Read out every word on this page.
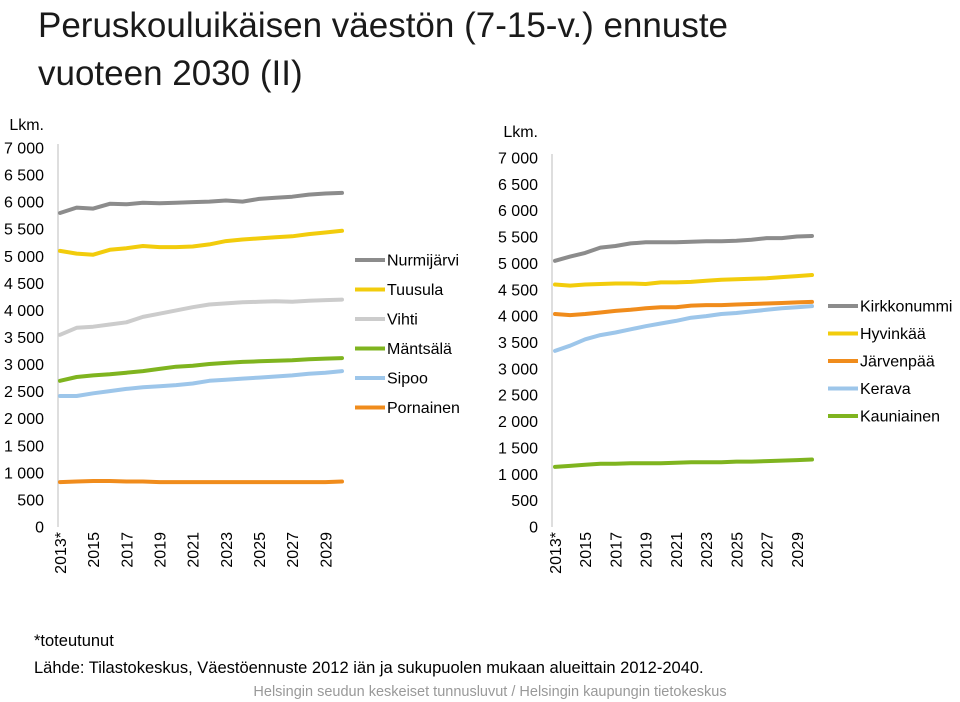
Peruskouluikäisen väestön (7-15-v.) ennuste vuoteen 2030 (II)
Lkm.
0
500
1 000
1 500
2 000
2 500
3 000
3 500
4 000
4 500
5 000
5 500
6 000
6 500
7 000
2013* 2015 2017 2019 2021 2023 2025 2027 2029
Nurmijärvi
Tuusula
Vihti
Mäntsälä
Sipoo
Pornainen
Lkm.
0
500
1 000
1 500
2 000
2 500
3 000
3 500
4 000
4 500
5 000
5 500
6 000
6 500
7 000
2013* 2015 2017 2019 2021 2023 2025 2027 2029
Kirkkonummi
Hyvinkää
Järvenpää
Kerava
Kauniainen
*toteutunut
Lähde: Tilastokeskus, Väestöennuste 2012 iän ja sukupuolen mukaan alueittain 2012-2040.
Helsingin seudun keskeiset tunnusluvut / Helsingin kaupungin tietokeskus
